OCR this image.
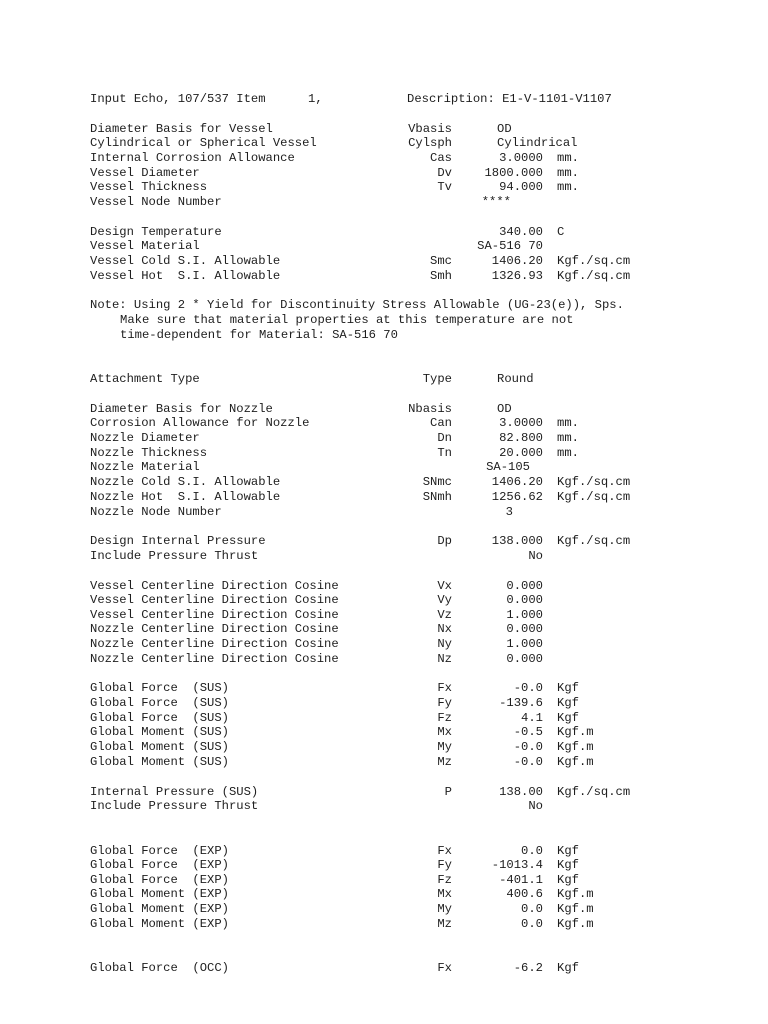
Input Echo, 107/537 Item

	1,

	Description: E1-V-1101-V1107

Note: Using 2 * Yield for Discontinuity Stress Allowable (UG-23(e)), Sps.

Make sure that material properties at this temperature are not

time-dependent for Material: SA-516 70

Diameter Basis for Vessel	Vbasis	OD
Cylindrical or Spherical Vessel	Cylsph	Cylindrical
Internal Corrosion Allowance	Cas	3.0000 mm.
Vessel Diameter	Dv	1800.000 mm.
Vessel Thickness	Tv	94.000 mm.
Vessel Node Number	****
Design Temperature	340.00 C
Vessel Material	SA-516 70
Vessel Cold S.I. Allowable	Smc	1406.20 Kgf./sq.cm
Vessel Hot  S.I. Allowable	Smh	1326.93 Kgf./sq.cm
Attachment Type	Type	Round
Diameter Basis for Nozzle	Nbasis	OD
Corrosion Allowance for Nozzle	Can	3.0000 mm.
Nozzle Diameter	Dn	82.800 mm.
Nozzle Thickness	Tn	20.000 mm.
Nozzle Material	SA-105
Nozzle Cold S.I. Allowable	SNmc	1406.20 Kgf./sq.cm
Nozzle Hot  S.I. Allowable	SNmh	1256.62 Kgf./sq.cm
Nozzle Node Number	3
Design Internal Pressure	Dp	138.000 Kgf./sq.cm
Include Pressure Thrust	No
Vessel Centerline Direction Cosine	Vx	0.000
Vessel Centerline Direction Cosine	Vy	0.000
Vessel Centerline Direction Cosine	Vz	1.000
Nozzle Centerline Direction Cosine	Nx	0.000
Nozzle Centerline Direction Cosine	Ny	1.000
Nozzle Centerline Direction Cosine	Nz	0.000
Global Force  (SUS)	Fx	-0.0 Kgf
Global Force  (SUS)	Fy	-139.6 Kgf
Global Force  (SUS)	Fz	4.1 Kgf
Global Moment (SUS)	Mx	-0.5 Kgf.m
Global Moment (SUS)	My	-0.0 Kgf.m
Global Moment (SUS)	Mz	-0.0 Kgf.m
Internal Pressure (SUS)	P	138.00 Kgf./sq.cm
Include Pressure Thrust	No
Global Force  (EXP)	Fx	0.0 Kgf
Global Force  (EXP)	Fy	-1013.4 Kgf
Global Force  (EXP)	Fz	-401.1 Kgf
Global Moment (EXP)	Mx	400.6 Kgf.m
Global Moment (EXP)	My	0.0 Kgf.m
Global Moment (EXP)	Mz	0.0 Kgf.m
Global Force  (OCC)	Fx	-6.2 Kgf
